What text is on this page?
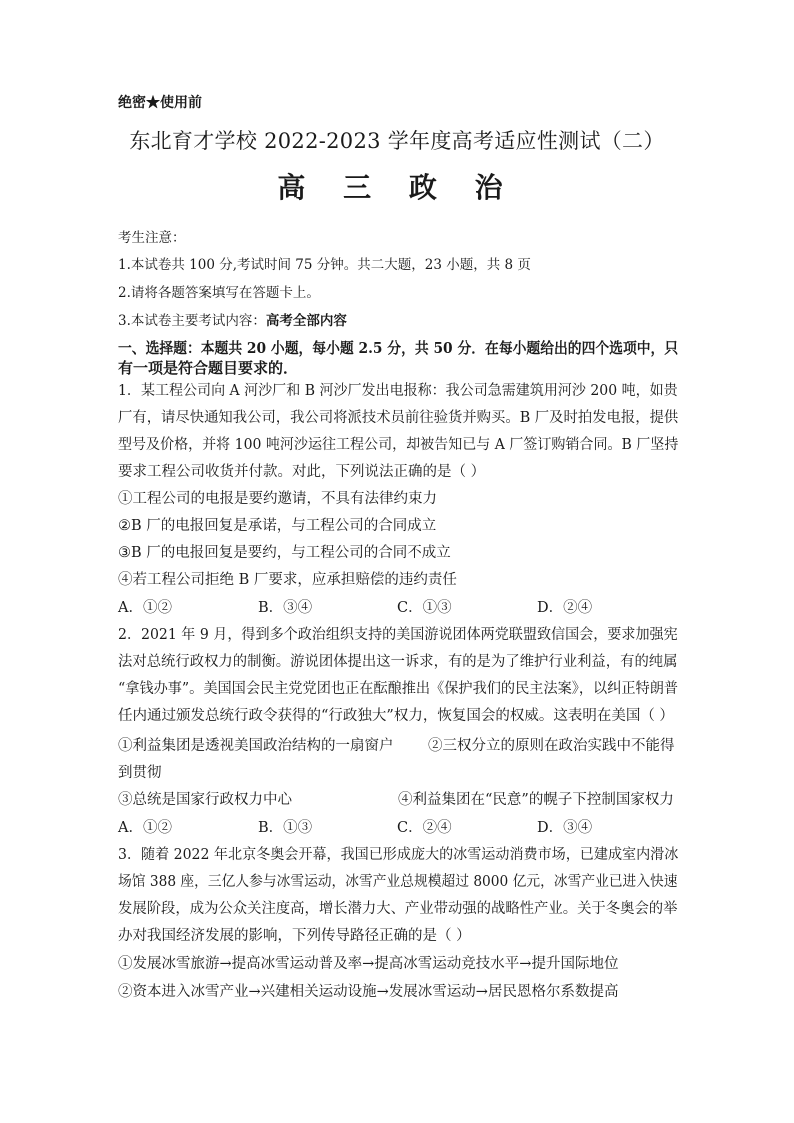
绝密★使用前
东北育才学校 2022-2023 学年度高考适应性测试（二）
高 三 政 治
考生注意：
1.本试卷共 100 分,考试时间 75 分钟。共二大题，23 小题，共 8 页
2.请将各题答案填写在答题卡上。
3.本试卷主要考试内容：高考全部内容
一、选择题：本题共 20 小题，每小题 2.5 分，共 50 分．在每小题给出的四个选项中，只
有一项是符合题目要求的．
1．某工程公司向 A 河沙厂和 B 河沙厂发出电报称：我公司急需建筑用河沙 200 吨，如贵
厂有，请尽快通知我公司，我公司将派技术员前往验货并购买。B 厂及时拍发电报，提供
型号及价格，并将 100 吨河沙运往工程公司，却被告知已与 A 厂签订购销合同。B 厂坚持
要求工程公司收货并付款。对此，下列说法正确的是（ ）
①工程公司的电报是要约邀请，不具有法律约束力
②B 厂的电报回复是承诺，与工程公司的合同成立
③B 厂的电报回复是要约，与工程公司的合同不成立
④若工程公司拒绝 B 厂要求，应承担赔偿的违约责任
A．①②	B．③④	C．①③	D．②④
2．2021 年 9 月，得到多个政治组织支持的美国游说团体两党联盟致信国会，要求加强宪
法对总统行政权力的制衡。游说团体提出这一诉求，有的是为了维护行业利益，有的纯属
“拿钱办事”。美国国会民主党党团也正在酝酿推出《保护我们的民主法案》，以纠正特朗普
任内通过颁发总统行政令获得的“行政独大”权力，恢复国会的权威。这表明在美国（ ）
①利益集团是透视美国政治结构的一扇窗户 ②三权分立的原则在政治实践中不能得
到贯彻
③总统是国家行政权力中心	④利益集团在“民意”的幌子下控制国家权力
A．①②	B．①③	C．②④	D．③④
3．随着 2022 年北京冬奥会开幕，我国已形成庞大的冰雪运动消费市场，已建成室内滑冰
场馆 388 座，三亿人参与冰雪运动，冰雪产业总规模超过 8000 亿元，冰雪产业已进入快速
发展阶段，成为公众关注度高，增长潜力大、产业带动强的战略性产业。关于冬奥会的举
办对我国经济发展的影响，下列传导路径正确的是（ ）
①发展冰雪旅游→提高冰雪运动普及率→提高冰雪运动竞技水平→提升国际地位
②资本进入冰雪产业→兴建相关运动设施→发展冰雪运动→居民恩格尔系数提高
